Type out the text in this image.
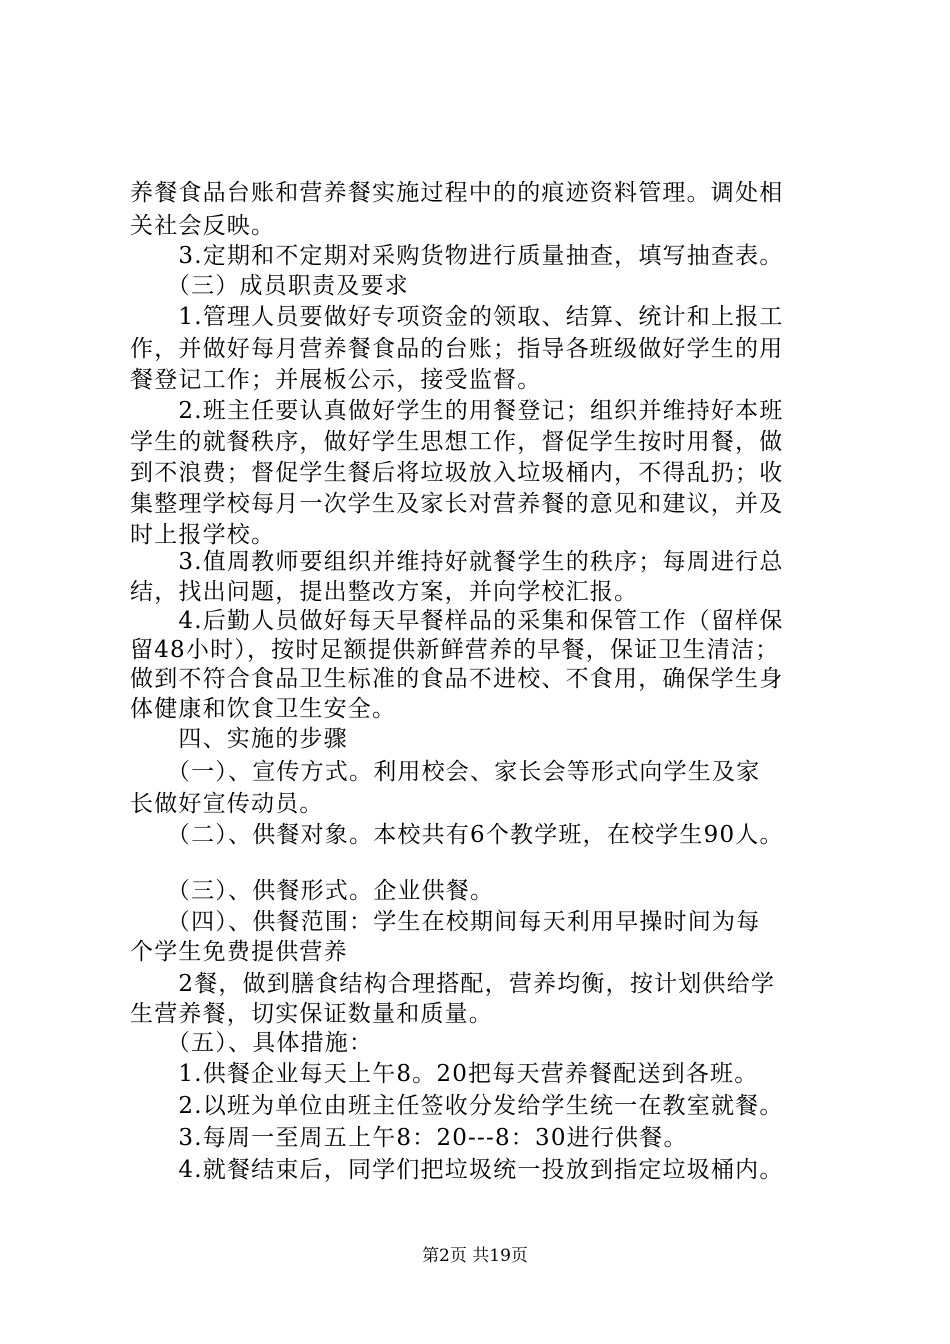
养餐食品台账和营养餐实施过程中的的痕迹资料管理。调处相
关社会反映。
　　3.定期和不定期对采购货物进行质量抽查，填写抽查表。
　　（三）成员职责及要求
　　1.管理人员要做好专项资金的领取、结算、统计和上报工
作，并做好每月营养餐食品的台账；指导各班级做好学生的用
餐登记工作；并展板公示，接受监督。
　　2.班主任要认真做好学生的用餐登记；组织并维持好本班
学生的就餐秩序，做好学生思想工作，督促学生按时用餐，做
到不浪费；督促学生餐后将垃圾放入垃圾桶内，不得乱扔；收
集整理学校每月一次学生及家长对营养餐的意见和建议，并及
时上报学校。
　　3.值周教师要组织并维持好就餐学生的秩序；每周进行总
结，找出问题，提出整改方案，并向学校汇报。
　　4.后勤人员做好每天早餐样品的采集和保管工作（留样保
留48小时），按时足额提供新鲜营养的早餐，保证卫生清洁；
做到不符合食品卫生标准的食品不进校、不食用，确保学生身
体健康和饮食卫生安全。
　　四、实施的步骤
　　（一）、宣传方式。利用校会、家长会等形式向学生及家
长做好宣传动员。
　　（二）、供餐对象。本校共有6个教学班，在校学生90人。
　　（三）、供餐形式。企业供餐。
　　（四）、供餐范围：学生在校期间每天利用早操时间为每
个学生免费提供营养
　　2餐，做到膳食结构合理搭配，营养均衡，按计划供给学
生营养餐，切实保证数量和质量。
　　（五）、具体措施：
　　1.供餐企业每天上午8。20把每天营养餐配送到各班。
　　2.以班为单位由班主任签收分发给学生统一在教室就餐。
　　3.每周一至周五上午8：20---8：30进行供餐。
　　4.就餐结束后，同学们把垃圾统一投放到指定垃圾桶内。
第2页 共19页
